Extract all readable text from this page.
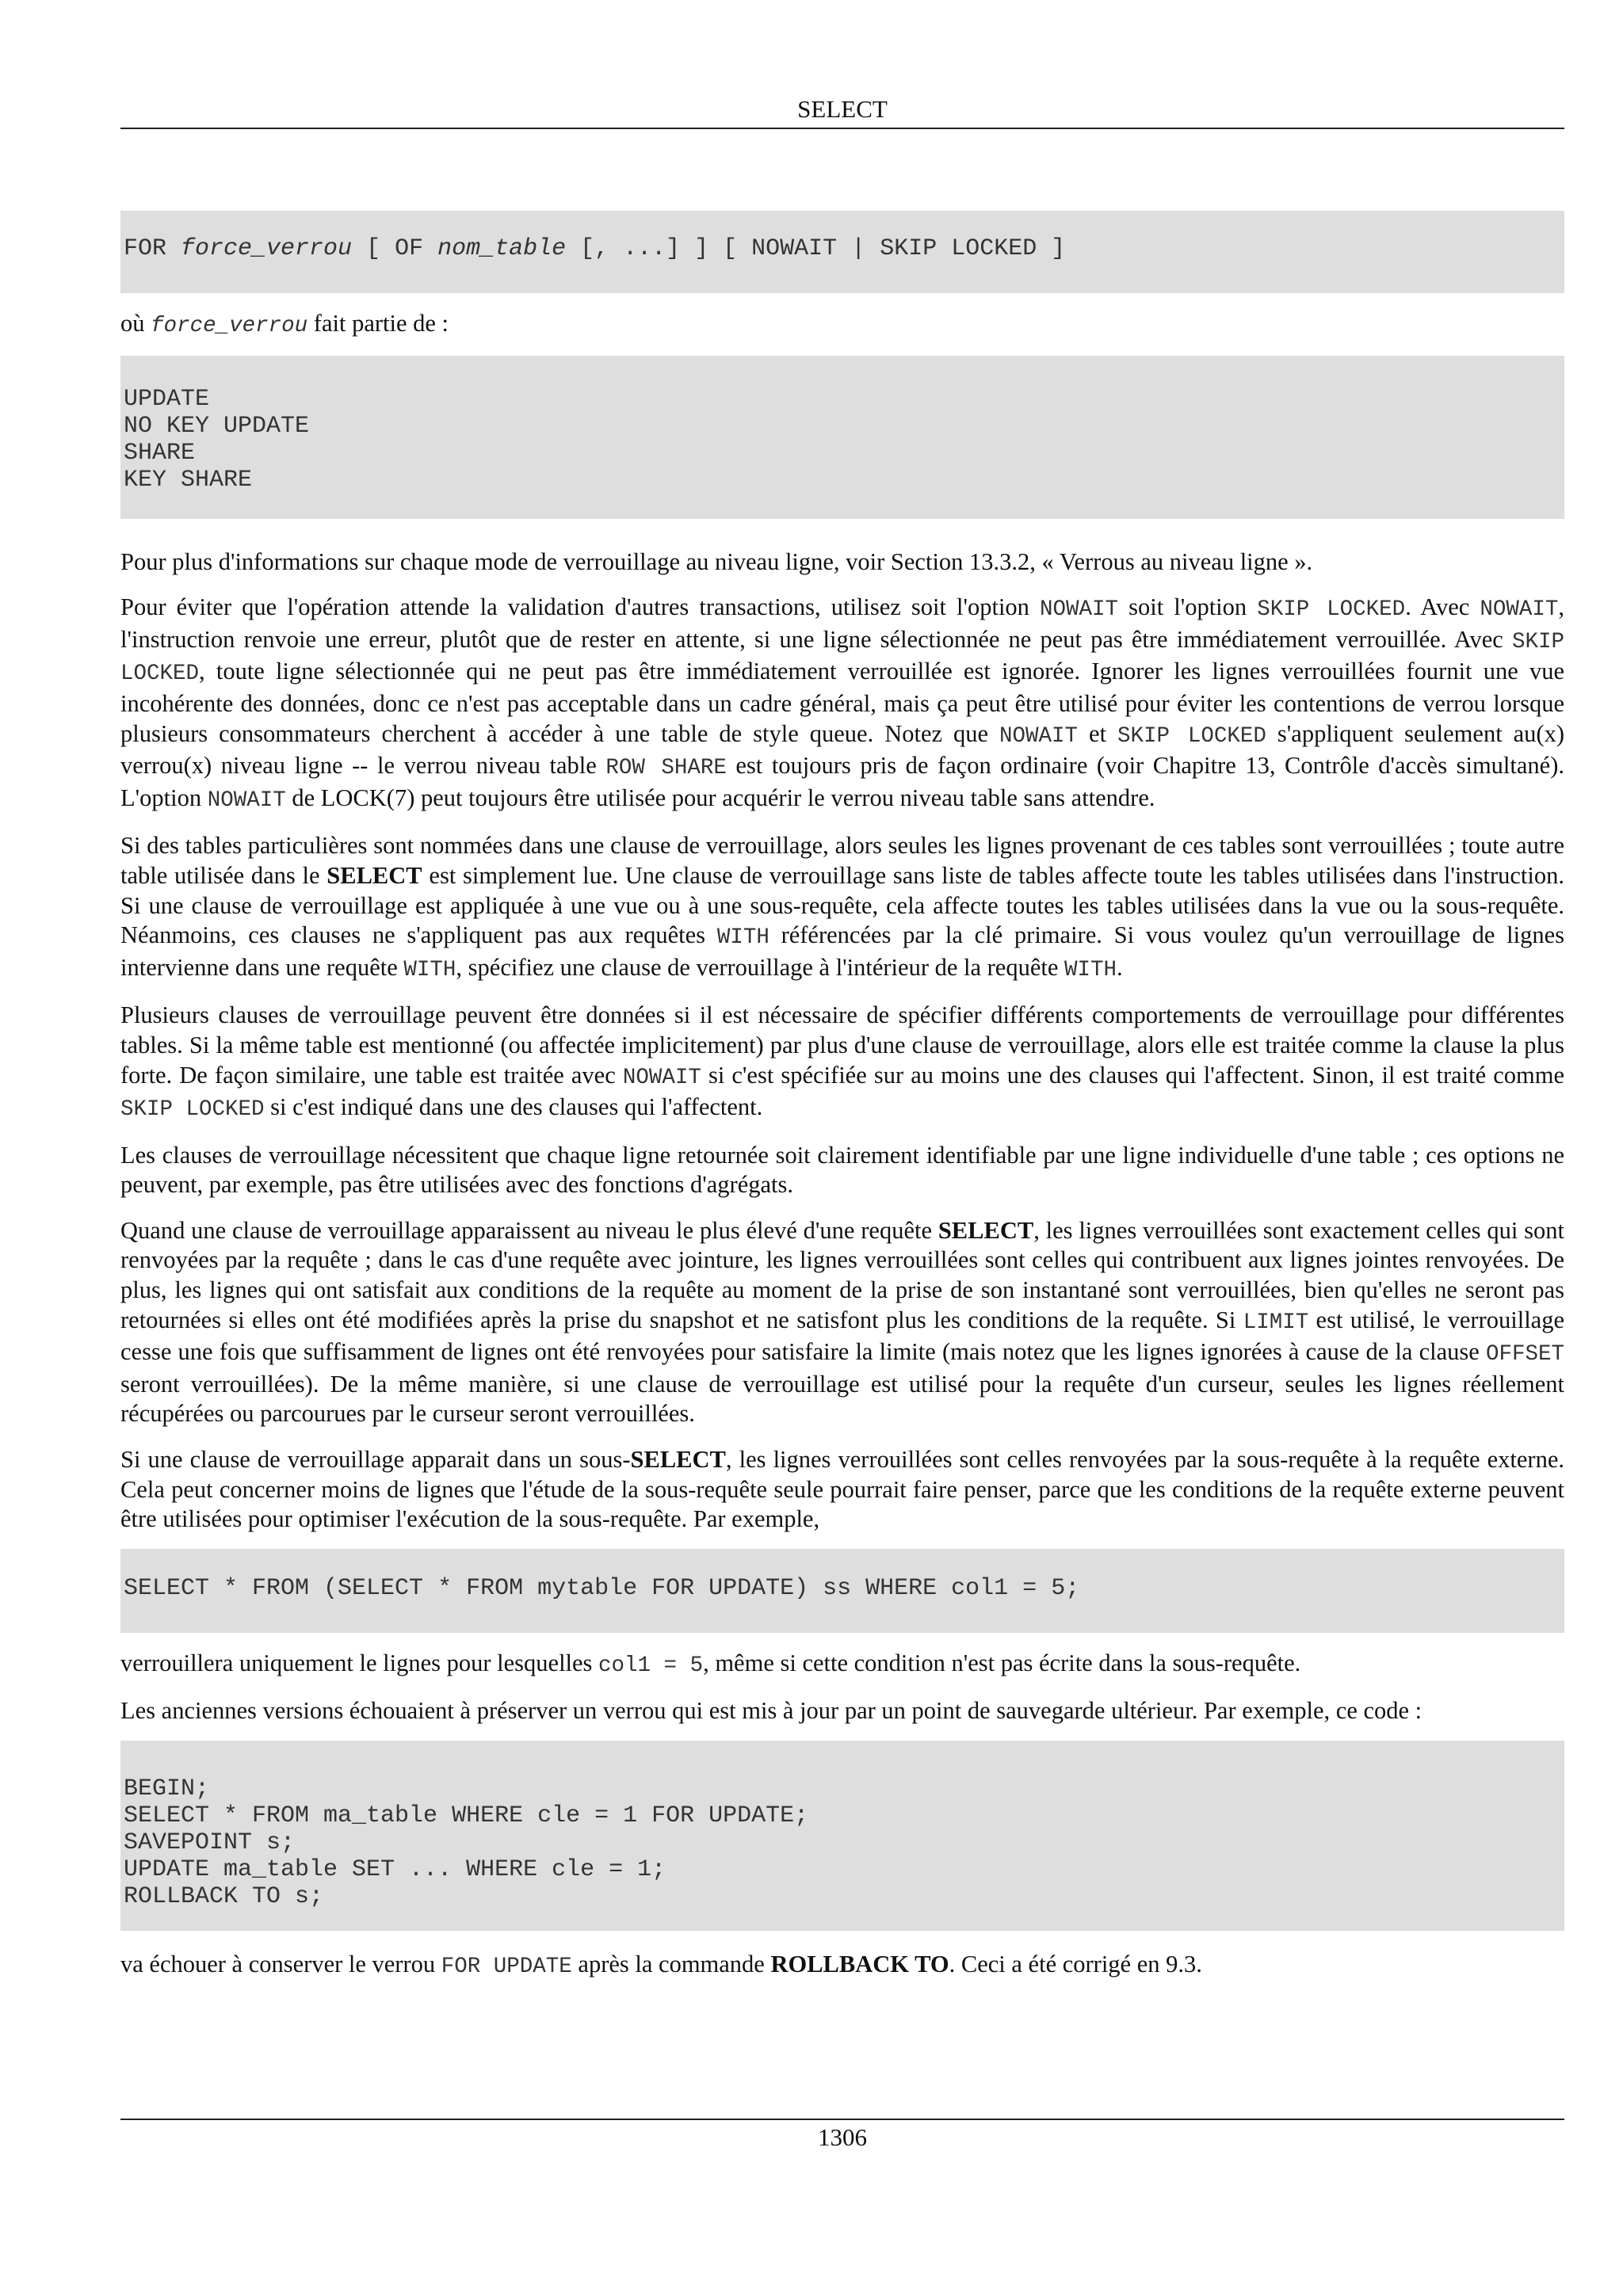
SELECT
FOR force_verrou [ OF nom_table [, ...] ] [ NOWAIT | SKIP LOCKED ]

où force_verrou fait partie de :

UPDATE
NO KEY UPDATE
SHARE
KEY SHARE

Pour plus d'informations sur chaque mode de verrouillage au niveau ligne, voir Section 13.3.2, « Verrous au niveau ligne ».

Pour éviter que l'opération attende la validation d'autres transactions, utilisez soit l'option NOWAIT soit l'option SKIP LOCKED. Avec NOWAIT, l'instruction renvoie une erreur, plutôt que de rester en attente, si une ligne sélectionnée ne peut pas être immédiatement verrouillée. Avec SKIP LOCKED, toute ligne sélectionnée qui ne peut pas être immédiatement verrouillée est ignorée. Ignorer les lignes verrouillées fournit une vue incohérente des données, donc ce n'est pas acceptable dans un cadre général, mais ça peut être utilisé pour éviter les contentions de verrou lorsque plusieurs consommateurs cherchent à accéder à une table de style queue. Notez que NOWAIT et SKIP LOCKED s'appliquent seulement au(x) verrou(x) niveau ligne -- le verrou niveau table ROW SHARE est toujours pris de façon ordinaire (voir Chapitre 13, Contrôle d'accès simultané). L'option NOWAIT de LOCK(7) peut toujours être utilisée pour acquérir le verrou niveau table sans attendre.

Si des tables particulières sont nommées dans une clause de verrouillage, alors seules les lignes provenant de ces tables sont verrouillées ; toute autre table utilisée dans le SELECT est simplement lue. Une clause de verrouillage sans liste de tables affecte toute les tables utilisées dans l'instruction. Si une clause de verrouillage est appliquée à une vue ou à une sous-requête, cela affecte toutes les tables utilisées dans la vue ou la sous-requête. Néanmoins, ces clauses ne s'appliquent pas aux requêtes WITH référencées par la clé primaire. Si vous voulez qu'un verrouillage de lignes intervienne dans une requête WITH, spécifiez une clause de verrouillage à l'intérieur de la requête WITH.

Plusieurs clauses de verrouillage peuvent être données si il est nécessaire de spécifier différents comportements de verrouillage pour différentes tables. Si la même table est mentionné (ou affectée implicitement) par plus d'une clause de verrouillage, alors elle est traitée comme la clause la plus forte. De façon similaire, une table est traitée avec NOWAIT si c'est spécifiée sur au moins une des clauses qui l'affectent. Sinon, il est traité comme SKIP LOCKED si c'est indiqué dans une des clauses qui l'affectent.

Les clauses de verrouillage nécessitent que chaque ligne retournée soit clairement identifiable par une ligne individuelle d'une table ; ces options ne peuvent, par exemple, pas être utilisées avec des fonctions d'agrégats.

Quand une clause de verrouillage apparaissent au niveau le plus élevé d'une requête SELECT, les lignes verrouillées sont exactement celles qui sont renvoyées par la requête ; dans le cas d'une requête avec jointure, les lignes verrouillées sont celles qui contribuent aux lignes jointes renvoyées. De plus, les lignes qui ont satisfait aux conditions de la requête au moment de la prise de son instantané sont verrouillées, bien qu'elles ne seront pas retournées si elles ont été modifiées après la prise du snapshot et ne satisfont plus les conditions de la requête. Si LIMIT est utilisé, le verrouillage cesse une fois que suffisamment de lignes ont été renvoyées pour satisfaire la limite (mais notez que les lignes ignorées à cause de la clause OFFSET seront verrouillées). De la même manière, si une clause de verrouillage est utilisé pour la requête d'un curseur, seules les lignes réellement récupérées ou parcourues par le curseur seront verrouillées.

Si une clause de verrouillage apparait dans un sous-SELECT, les lignes verrouillées sont celles renvoyées par la sous-requête à la requête externe. Cela peut concerner moins de lignes que l'étude de la sous-requête seule pourrait faire penser, parce que les conditions de la requête externe peuvent être utilisées pour optimiser l'exécution de la sous-requête. Par exemple,

SELECT * FROM (SELECT * FROM mytable FOR UPDATE) ss WHERE col1 = 5;

verrouillera uniquement le lignes pour lesquelles col1 = 5, même si cette condition n'est pas écrite dans la sous-requête.

Les anciennes versions échouaient à préserver un verrou qui est mis à jour par un point de sauvegarde ultérieur. Par exemple, ce code :

BEGIN;
SELECT * FROM ma_table WHERE cle = 1 FOR UPDATE;
SAVEPOINT s;
UPDATE ma_table SET ... WHERE cle = 1;
ROLLBACK TO s;

va échouer à conserver le verrou FOR UPDATE après la commande ROLLBACK TO. Ceci a été corrigé en 9.3.

1306
